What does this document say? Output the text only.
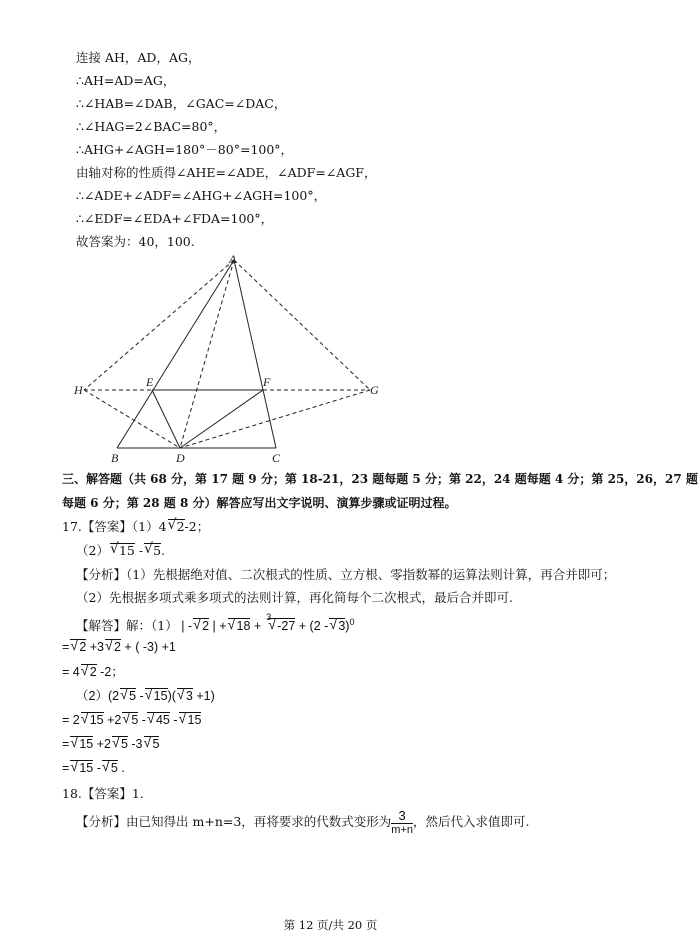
连接 AH，AD，AG，
∴AH=AD=AG，
∴∠HAB=∠DAB，∠GAC=∠DAC，
∴∠HAG=2∠BAC=80°，
∴AHG+∠AGH=180°－80°=100°，
由轴对称的性质得∠AHE=∠ADE，∠ADF=∠AGF，
∴∠ADE+∠ADF=∠AHG+∠AGH=100°，
∴∠EDF=∠EDA+∠FDA=100°，
故答案为：40，100.
A
E	F
H	G
B	D	C
三、解答题（共 68 分，第 17 题 9 分；第 18-21，23 题每题 5 分；第 22，24 题每题 4 分；第 25，26，27 题
每题 6 分；第 28 题 8 分）解答应写出文字说明、演算步骤或证明过程。
17.【答案】（1）4 √ 2-2；
（2） √ 15 - √ 5.
【分析】（1）先根据绝对值、二次根式的性质、立方根、零指数幂的运算法则计算，再合并即可；
（2）先根据多项式乘多项式的法则计算，再化简每个二次根式，最后合并即可.
【解答】解：（1） | - √ 2 | + √ 18 +
3
√ -27 + (2 - √ 3)$^0$
= √ 2 +3 √ 2 + ( -3) +1
= 4 √ 2 -2；
（2）(2 √ 5 - √ 15)( √ 3 +1)
= 2 √ 15 +2 √ 5 - √ 45 - √ 15
= √ 15 +2 √ 5 -3 √ 5
= √ 15 - √ 5 .
18.【答案】1.
【分析】由已知得出 m+n=3，再将要求的代数式变形为 $\frac{3}{m+n}$ ，然后代入求值即可.
第 12 页/共 20 页
